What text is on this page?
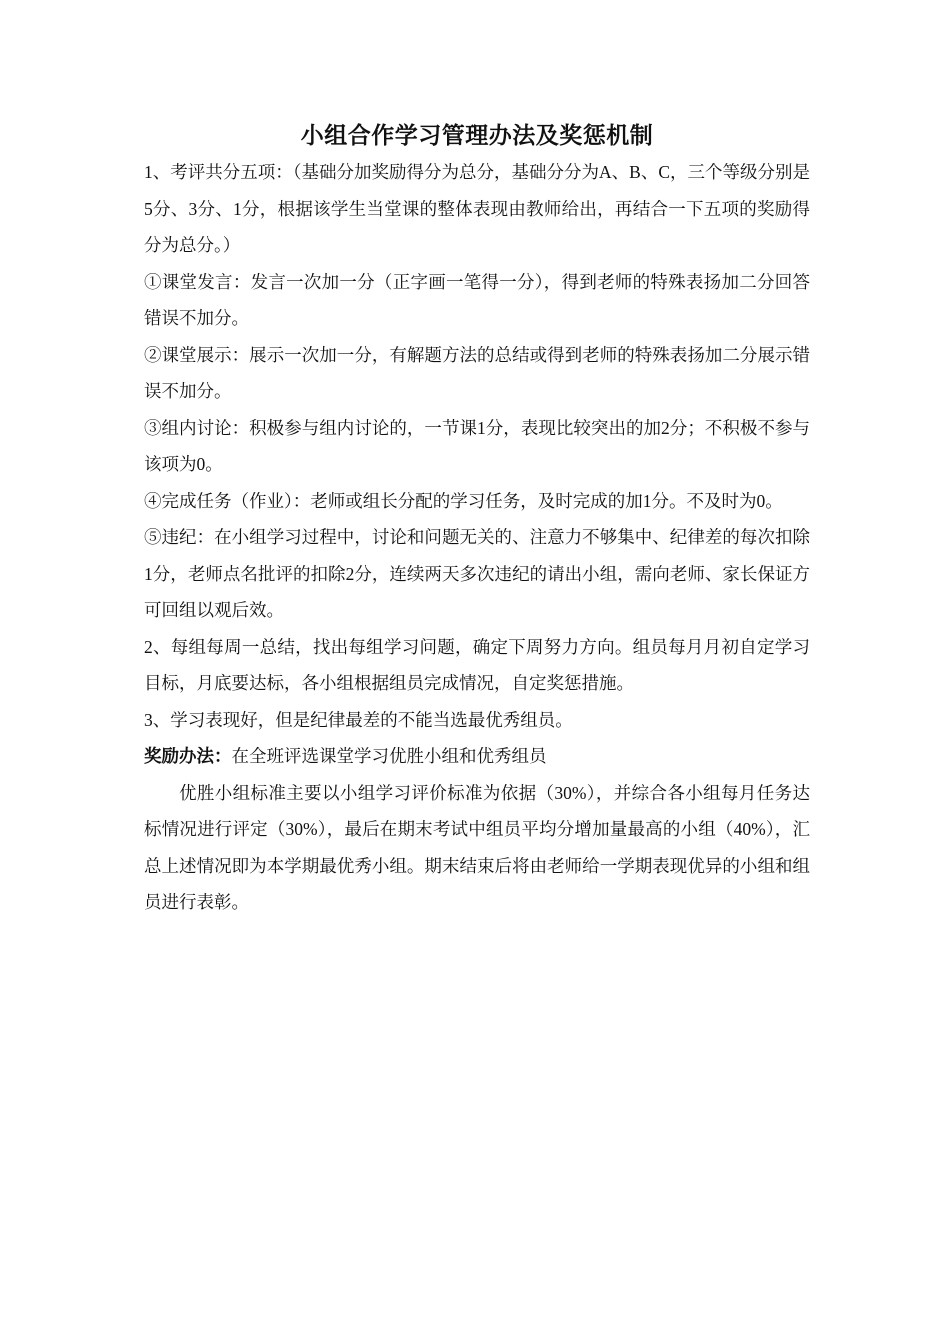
小组合作学习管理办法及奖惩机制

1、考评共分五项：（基础分加奖励得分为总分，基础分分为A、B、C，三个等级分别是5分、3分、1分，根据该学生当堂课的整体表现由教师给出，再结合一下五项的奖励得分为总分。）

①课堂发言：发言一次加一分（正字画一笔得一分），得到老师的特殊表扬加二分回答错误不加分。

②课堂展示：展示一次加一分，有解题方法的总结或得到老师的特殊表扬加二分展示错误不加分。

③组内讨论：积极参与组内讨论的，一节课1分，表现比较突出的加2分；不积极不参与该项为0。

④完成任务（作业）：老师或组长分配的学习任务，及时完成的加1分。不及时为0。

⑤违纪：在小组学习过程中，讨论和问题无关的、注意力不够集中、纪律差的每次扣除1分，老师点名批评的扣除2分，连续两天多次违纪的请出小组，需向老师、家长保证方可回组以观后效。

2、每组每周一总结，找出每组学习问题，确定下周努力方向。组员每月月初自定学习目标，月底要达标，各小组根据组员完成情况，自定奖惩措施。

3、学习表现好，但是纪律最差的不能当选最优秀组员。

奖励办法：在全班评选课堂学习优胜小组和优秀组员

优胜小组标准主要以小组学习评价标准为依据（30%），并综合各小组每月任务达标情况进行评定（30%），最后在期末考试中组员平均分增加量最高的小组（40%），汇总上述情况即为本学期最优秀小组。期末结束后将由老师给一学期表现优异的小组和组员进行表彰。
